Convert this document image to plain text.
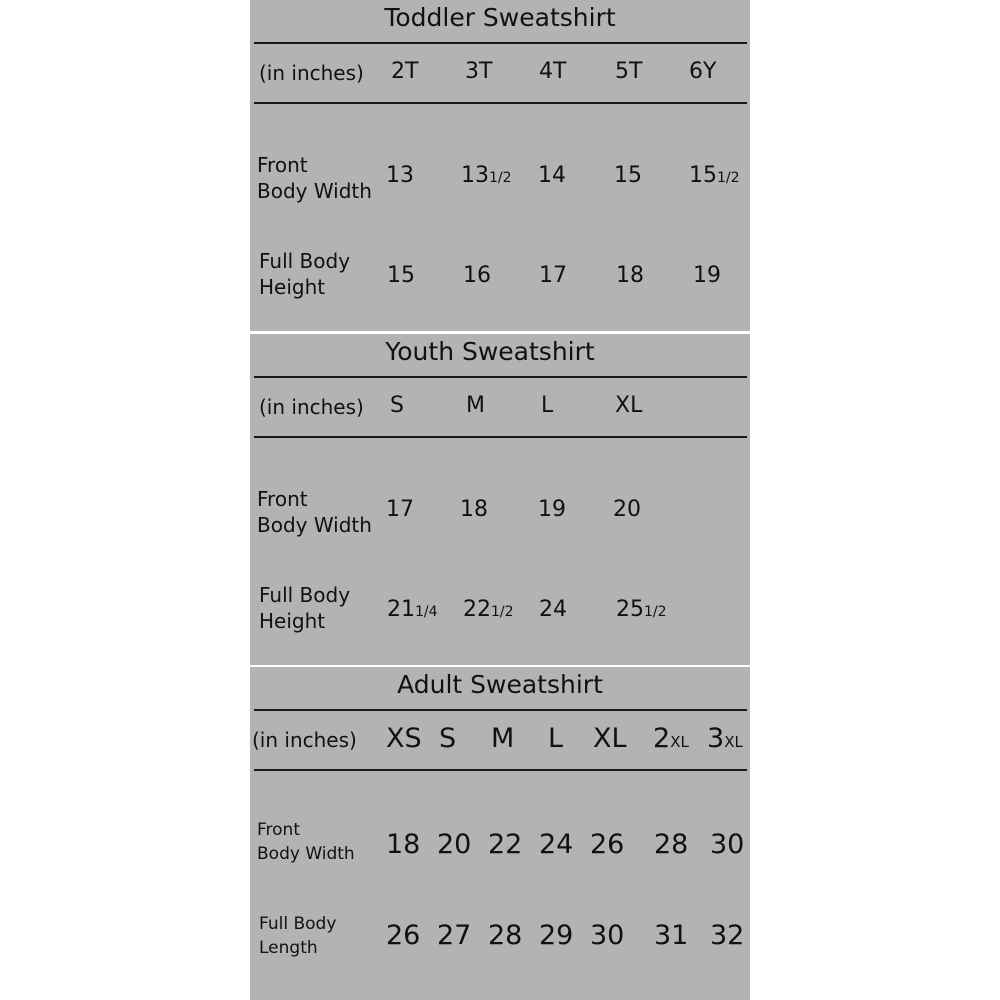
Toddler Sweatshirt
(in inches) 2T 3T 4T 5T 6Y
Front
Body Width
13 131/2 14 15 151/2
Full Body
Height	15 16 17 18 19
Youth Sweatshirt
(in inches) S	M	L	XL
Front
Body Width
17 18 19 20
Full Body
Height	211/4 221/2 24 251/2
Adult Sweatshirt
(in inches) XS S M L XL 2XL 3XL
Front
Body Width 18 20 22 24 26 28 30
Full Body
Length	26 27 28 29 30 31 32
